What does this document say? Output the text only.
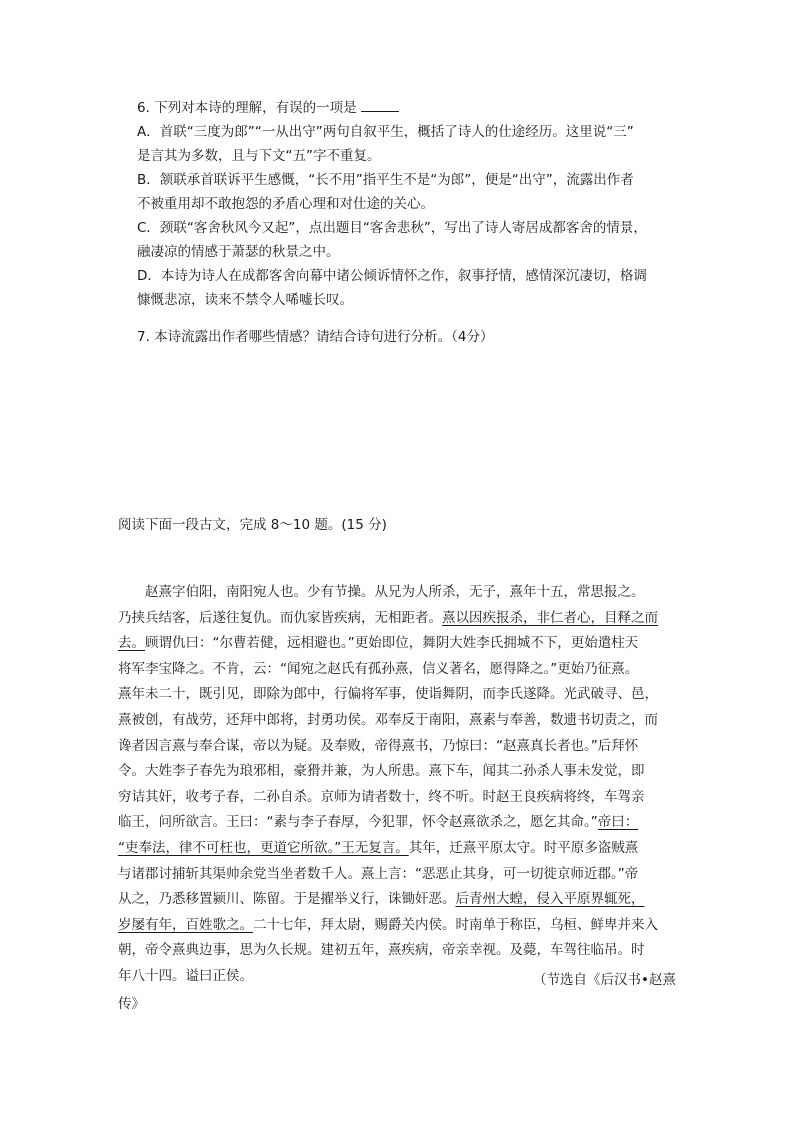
6. 下列对本诗的理解，有误的一项是

A．首联“三度为郎”“一从出守”两句自叙平生，概括了诗人的仕途经历。这里说“三”

是言其为多数，且与下文“五”字不重复。

B．颔联承首联诉平生感慨，“长不用”指平生不是“为郎”，便是“出守”，流露出作者

不被重用却不敢抱怨的矛盾心理和对仕途的关心。

C．颈联“客舍秋风今又起”，点出题目“客舍悲秋”，写出了诗人寄居成都客舍的情景，

融凄凉的情感于萧瑟的秋景之中。

D．本诗为诗人在成都客舍向幕中诸公倾诉情怀之作，叙事抒情，感情深沉凄切，格调

慷慨悲凉，读来不禁令人唏嘘长叹。

7. 本诗流露出作者哪些情感？请结合诗句进行分析。（4分）

阅读下面一段古文，完成 8～10 题。(15 分)

  赵熹字伯阳，南阳宛人也。少有节操。从兄为人所杀，无子，熹年十五，常思报之。

乃挟兵结客，后遂往复仇。而仇家皆疾病，无相距者。熹以因疾报杀，非仁者心，目释之而

去。顾谓仇曰：“尔曹若健，远相避也。”更始即位，舞阴大姓李氏拥城不下，更始遣柱天

将军李宝降之。不肯，云：“闻宛之赵氏有孤孙熹，信义著名，愿得降之。”更始乃征熹。

熹年未二十，既引见，即除为郎中，行偏将军事，使诣舞阴，而李氏遂降。光武破寻、邑，

熹被创，有战劳，还拜中郎将，封勇功侯。邓奉反于南阳，熹素与奉善，数遗书切责之，而

谗者因言熹与奉合谋，帝以为疑。及奉败，帝得熹书，乃惊曰：“赵熹真长者也。”后拜怀

令。大姓李子春先为琅邪相，豪猾并兼，为人所患。熹下车，闻其二孙杀人事未发觉，即

穷诘其奸，收考子春，二孙自杀。京师为请者数十，终不听。时赵王良疾病将终，车驾亲

临王，问所欲言。王曰：“素与李子春厚，今犯罪，怀令赵熹欲杀之，愿乞其命。”帝曰：

“吏奉法，律不可枉也，更道它所欲。”王无复言。其年，迁熹平原太守。时平原多盗贼熹

与诸郡讨捕斩其渠帅余党当坐者数千人。熹上言：“恶恶止其身，可一切徙京师近郡。”帝

从之，乃悉移置颍川、陈留。于是擢举义行，诛锄奸恶。后青州大蝗，侵入平原界辄死，

岁屡有年，百姓歌之。二十七年，拜太尉，赐爵关内侯。时南单于称臣，乌桓、鲜卑并来入

朝，帝令熹典边事，思为久长规。建初五年，熹疾病，帝亲幸视。及薨，车驾往临吊。时

年八十四。谥曰正侯。	（节选自《后汉书•赵熹

传》
